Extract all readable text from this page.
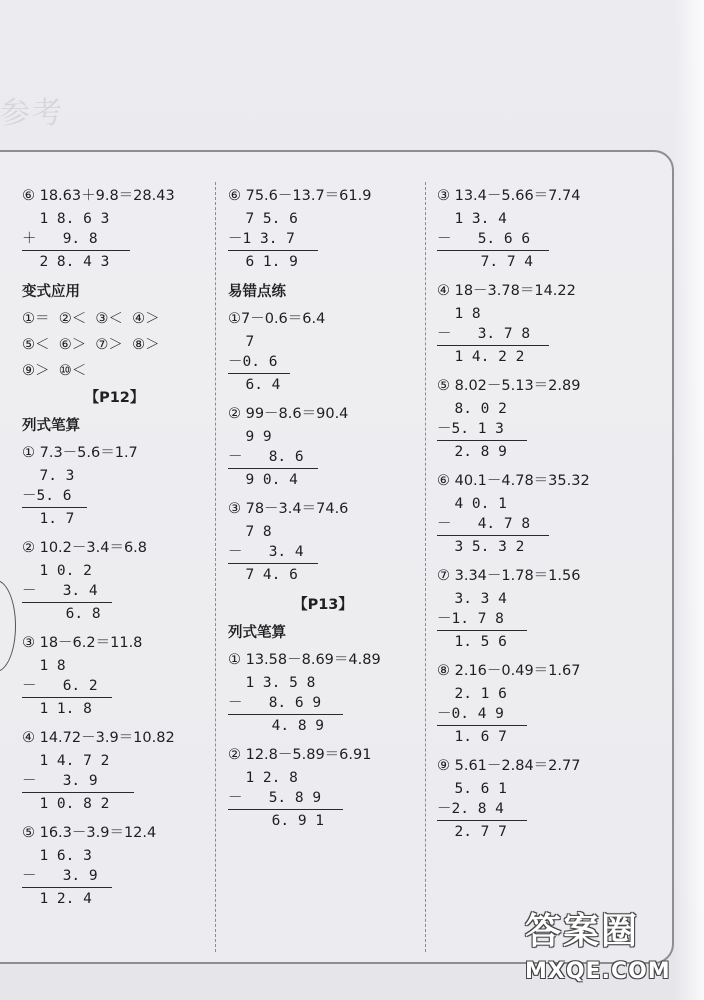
参考
⑥ 18.63＋9.8＝28.43
1 8. 6 3
＋   9. 8
2 8. 4 3
变式应用
①＝  ②＜  ③＜  ④＞
⑤＜  ⑥＞  ⑦＞  ⑧＞
⑨＞  ⑩＜
【P12】
列式笔算
① 7.3－5.6＝1.7
7. 3
－5. 6
1. 7
② 10.2－3.4＝6.8
1 0. 2
－   3. 4
6. 8
③ 18－6.2＝11.8
1 8
－   6. 2
1 1. 8
④ 14.72－3.9＝10.82
1 4. 7 2
－   3. 9
1 0. 8 2
⑤ 16.3－3.9＝12.4
1 6. 3
－   3. 9
1 2. 4
⑥ 75.6－13.7＝61.9
7 5. 6
－1 3. 7
6 1. 9
易错点练
①7－0.6＝6.4
7
－0. 6
6. 4
② 99－8.6＝90.4
9 9
－   8. 6
9 0. 4
③ 78－3.4＝74.6
7 8
－   3. 4
7 4. 6
【P13】
列式笔算
① 13.58－8.69＝4.89
1 3. 5 8
－   8. 6 9
4. 8 9
② 12.8－5.89＝6.91
1 2. 8
－   5. 8 9
6. 9 1
③ 13.4－5.66＝7.74
1 3. 4
－   5. 6 6
7. 7 4
④ 18－3.78＝14.22
1 8
－   3. 7 8
1 4. 2 2
⑤ 8.02－5.13＝2.89
8. 0 2
－5. 1 3
2. 8 9
⑥ 40.1－4.78＝35.32
4 0. 1
－   4. 7 8
3 5. 3 2
⑦ 3.34－1.78＝1.56
3. 3 4
－1. 7 8
1. 5 6
⑧ 2.16－0.49＝1.67
2. 1 6
－0. 4 9
1. 6 7
⑨ 5.61－2.84＝2.77
5. 6 1
－2. 8 4
2. 7 7
答案圈
MXQE.COM
